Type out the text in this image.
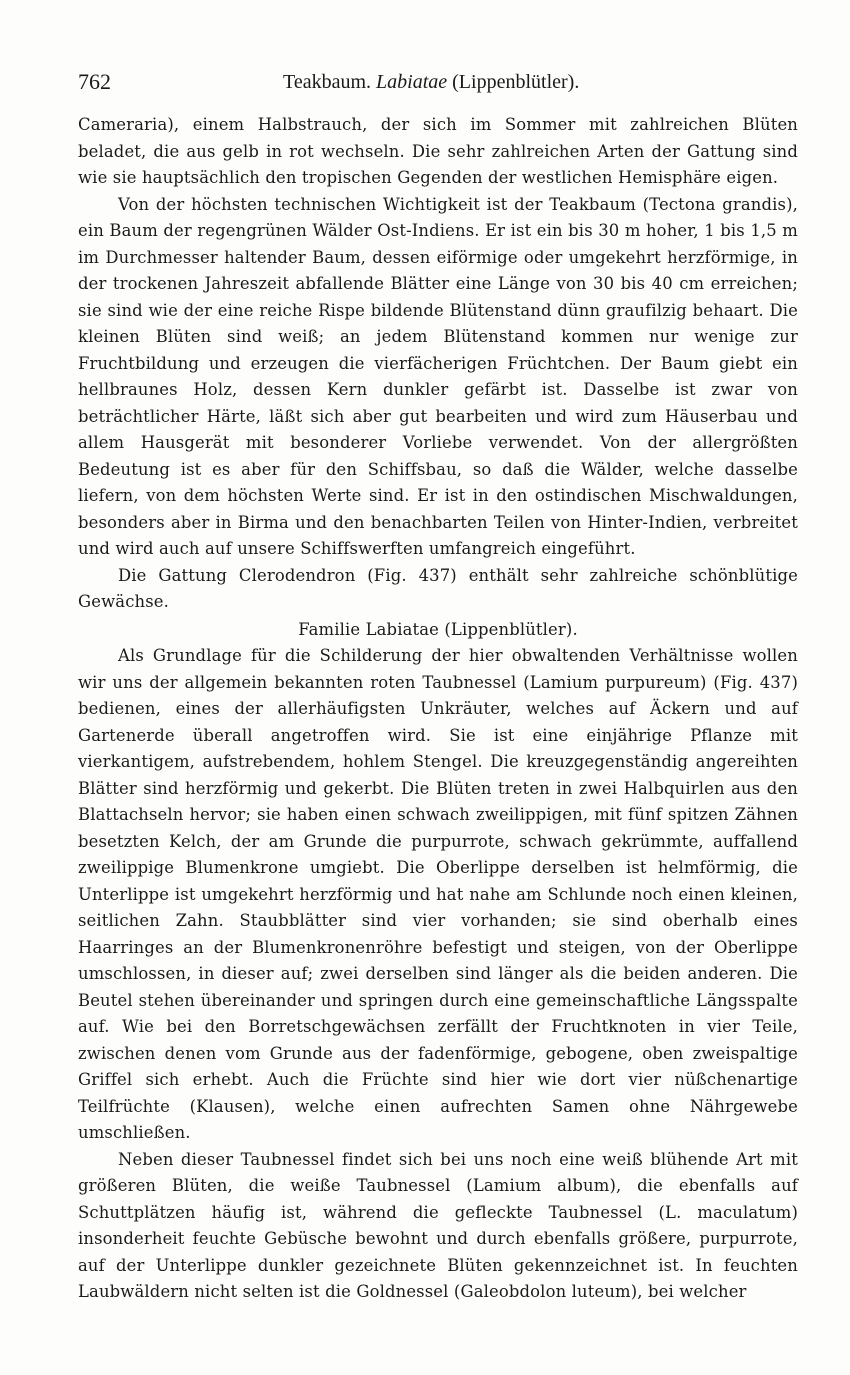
762	Teakbaum. Labiatae (Lippenblütler).

Cameraria), einem Halbstrauch, der sich im Sommer mit zahlreichen Blüten beladet, die aus gelb in rot wechseln. Die sehr zahlreichen Arten der Gattung sind wie sie hauptsächlich den tropischen Gegenden der westlichen Hemisphäre eigen.

Von der höchsten technischen Wichtigkeit ist der Teakbaum (Tectona grandis), ein Baum der regengrünen Wälder Ost-Indiens. Er ist ein bis 30 m hoher, 1 bis 1,5 m im Durchmesser haltender Baum, dessen eiförmige oder umgekehrt herzförmige, in der trockenen Jahreszeit abfallende Blätter eine Länge von 30 bis 40 cm erreichen; sie sind wie der eine reiche Rispe bildende Blütenstand dünn graufilzig behaart. Die kleinen Blüten sind weiß; an jedem Blütenstand kommen nur wenige zur Fruchtbildung und erzeugen die vierfächerigen Früchtchen. Der Baum giebt ein hellbraunes Holz, dessen Kern dunkler gefärbt ist. Dasselbe ist zwar von beträchtlicher Härte, läßt sich aber gut bearbeiten und wird zum Häuserbau und allem Hausgerät mit besonderer Vorliebe verwendet. Von der allergrößten Bedeutung ist es aber für den Schiffsbau, so daß die Wälder, welche dasselbe liefern, von dem höchsten Werte sind. Er ist in den ostindischen Mischwaldungen, besonders aber in Birma und den benachbarten Teilen von Hinter-Indien, verbreitet und wird auch auf unsere Schiffswerften umfangreich eingeführt.

Die Gattung Clerodendron (Fig. 437) enthält sehr zahlreiche schönblütige Gewächse.

Familie Labiatae (Lippenblütler).

Als Grundlage für die Schilderung der hier obwaltenden Verhältnisse wollen wir uns der allgemein bekannten roten Taubnessel (Lamium purpureum) (Fig. 437) bedienen, eines der allerhäufigsten Unkräuter, welches auf Äckern und auf Gartenerde überall angetroffen wird. Sie ist eine einjährige Pflanze mit vierkantigem, aufstrebendem, hohlem Stengel. Die kreuzgegenständig angereihten Blätter sind herzförmig und gekerbt. Die Blüten treten in zwei Halbquirlen aus den Blattachseln hervor; sie haben einen schwach zweilippigen, mit fünf spitzen Zähnen besetzten Kelch, der am Grunde die purpurrote, schwach gekrümmte, auffallend zweilippige Blumenkrone umgiebt. Die Oberlippe derselben ist helmförmig, die Unterlippe ist umgekehrt herzförmig und hat nahe am Schlunde noch einen kleinen, seitlichen Zahn. Staubblätter sind vier vorhanden; sie sind oberhalb eines Haarringes an der Blumenkronenröhre befestigt und steigen, von der Oberlippe umschlossen, in dieser auf; zwei derselben sind länger als die beiden anderen. Die Beutel stehen übereinander und springen durch eine gemeinschaftliche Längsspalte auf. Wie bei den Borretschgewächsen zerfällt der Fruchtknoten in vier Teile, zwischen denen vom Grunde aus der fadenförmige, gebogene, oben zweispaltige Griffel sich erhebt. Auch die Früchte sind hier wie dort vier nüßchenartige Teilfrüchte (Klausen), welche einen aufrechten Samen ohne Nährgewebe umschließen.

Neben dieser Taubnessel findet sich bei uns noch eine weiß blühende Art mit größeren Blüten, die weiße Taubnessel (Lamium album), die ebenfalls auf Schuttplätzen häufig ist, während die gefleckte Taubnessel (L. maculatum) insonderheit feuchte Gebüsche bewohnt und durch ebenfalls größere, purpurrote, auf der Unterlippe dunkler gezeichnete Blüten gekennzeichnet ist. In feuchten Laubwäldern nicht selten ist die Goldnessel (Galeobdolon luteum), bei welcher
